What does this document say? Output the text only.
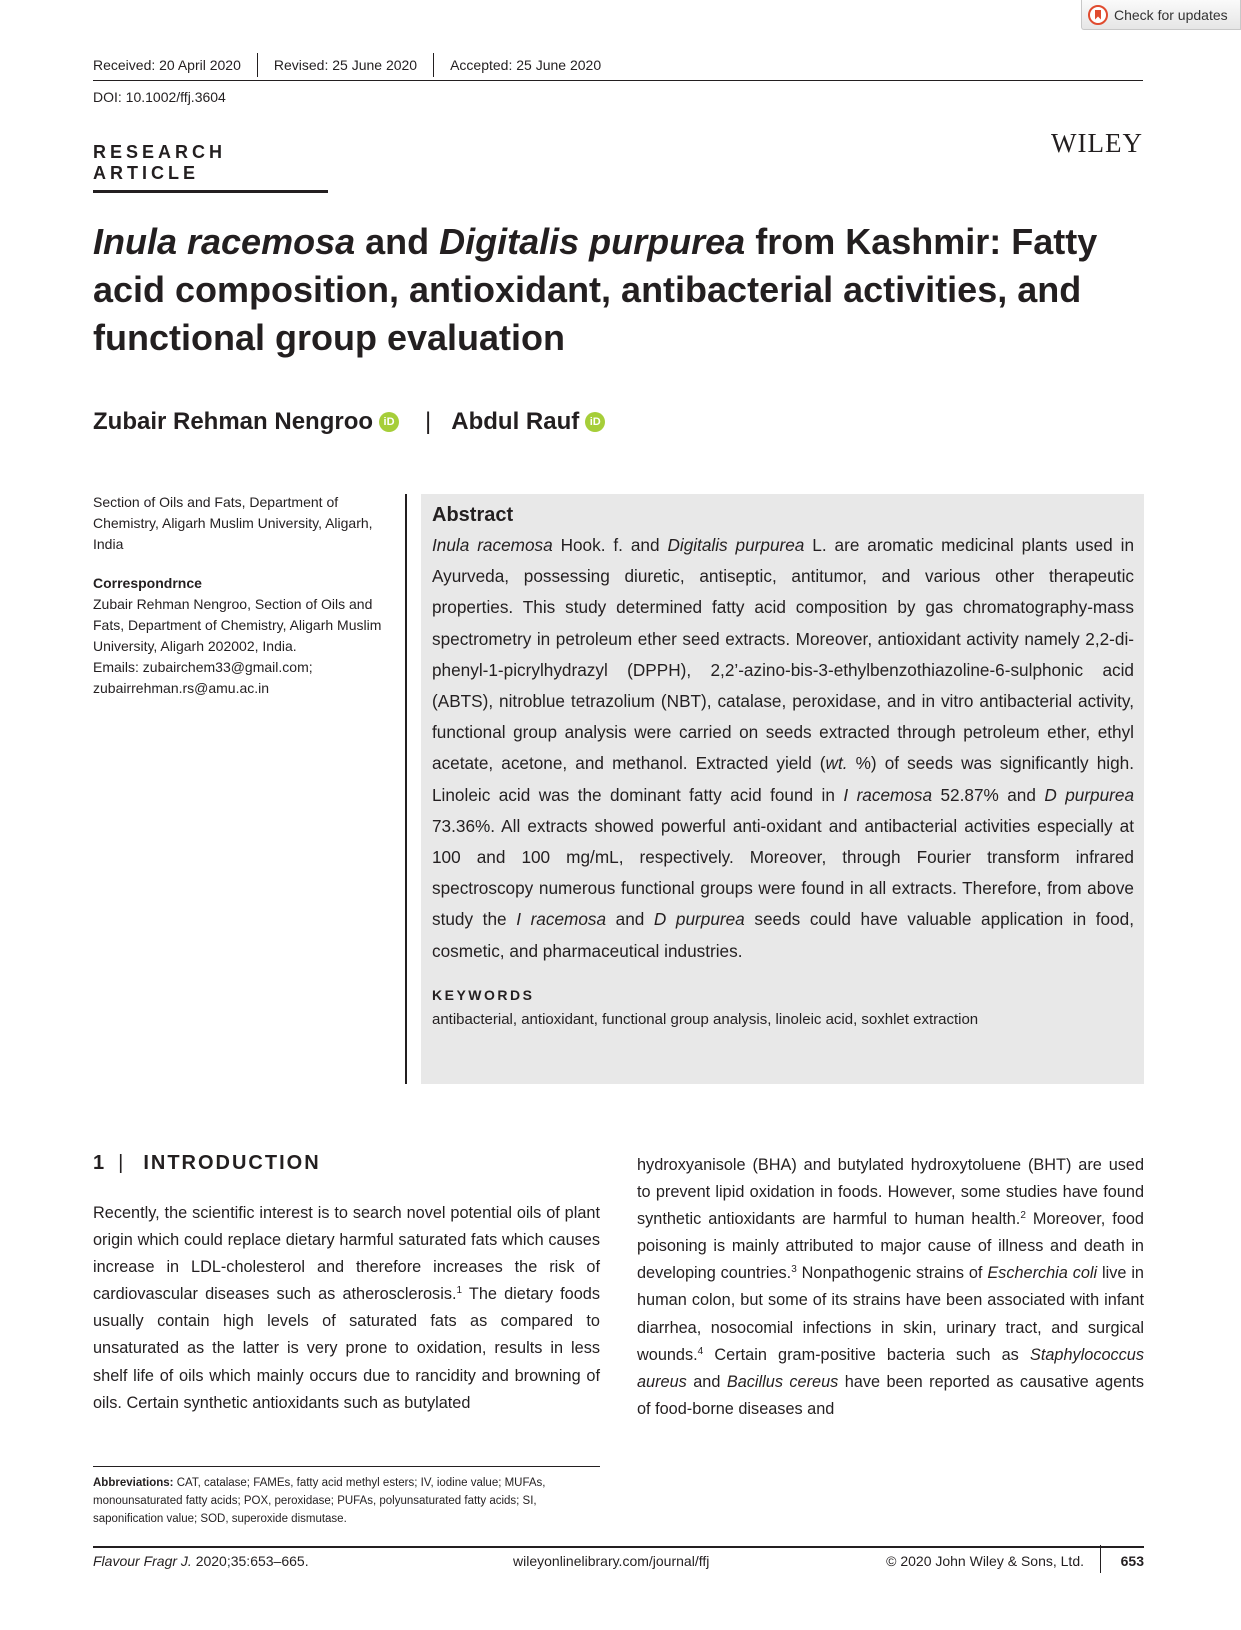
Check for updates
Received: 20 April 2020 Revised: 25 June 2020 Accepted: 25 June 2020
DOI: 10.1002/ffj.3604
RESEARCH ARTICLE
WILEY
Inula racemosa and Digitalis purpurea from Kashmir: Fatty acid composition, antioxidant, antibacterial activities, and functional group evaluation
Zubair Rehman Nengroo iD | Abdul Rauf iD
Section of Oils and Fats, Department of Chemistry, Aligarh Muslim University, Aligarh, India
Correspondrnce
Zubair Rehman Nengroo, Section of Oils and Fats, Department of Chemistry, Aligarh Muslim University, Aligarh 202002, India.
Emails: zubairchem33@gmail.com; zubairrehman.rs@amu.ac.in
Abstract
Inula racemosa Hook. f. and Digitalis purpurea L. are aromatic medicinal plants used in Ayurveda, possessing diuretic, antiseptic, antitumor, and various other therapeutic properties. This study determined fatty acid composition by gas chromatography-mass spectrometry in petroleum ether seed extracts. Moreover, antioxidant activity namely 2,2-di-phenyl-1-picrylhydrazyl (DPPH), 2,2’-azino-bis-3-ethylbenzothiazoline-6-sulphonic acid (ABTS), nitroblue tetrazolium (NBT), catalase, peroxidase, and in vitro antibacterial activity, functional group analysis were carried on seeds extracted through petroleum ether, ethyl acetate, acetone, and methanol. Extracted yield (wt. %) of seeds was significantly high. Linoleic acid was the dominant fatty acid found in I racemosa 52.87% and D purpurea 73.36%. All extracts showed powerful anti-oxidant and antibacterial activities especially at 100 and 100 mg/mL, respectively. Moreover, through Fourier transform infrared spectroscopy numerous functional groups were found in all extracts. Therefore, from above study the I racemosa and D purpurea seeds could have valuable application in food, cosmetic, and pharmaceutical industries.
KEYWORDS
antibacterial, antioxidant, functional group analysis, linoleic acid, soxhlet extraction
1 | INTRODUCTION
Recently, the scientific interest is to search novel potential oils of plant origin which could replace dietary harmful saturated fats which causes increase in LDL-cholesterol and therefore increases the risk of cardiovascular diseases such as atherosclerosis.$^1$ The dietary foods usually contain high levels of saturated fats as compared to unsaturated as the latter is very prone to oxidation, results in less shelf life of oils which mainly occurs due to rancidity and browning of oils. Certain synthetic antioxidants such as butylated
hydroxyanisole (BHA) and butylated hydroxytoluene (BHT) are used to prevent lipid oxidation in foods. However, some studies have found synthetic antioxidants are harmful to human health.$^2$ Moreover, food poisoning is mainly attributed to major cause of illness and death in developing countries.$^3$ Nonpathogenic strains of Escherchia coli live in human colon, but some of its strains have been associated with infant diarrhea, nosocomial infections in skin, urinary tract, and surgical wounds.$^4$ Certain gram-positive bacteria such as Staphylococcus aureus and Bacillus cereus have been reported as causative agents of food-borne diseases and
Abbreviations: CAT, catalase; FAMEs, fatty acid methyl esters; IV, iodine value; MUFAs, monounsaturated fatty acids; POX, peroxidase; PUFAs, polyunsaturated fatty acids; SI, saponification value; SOD, superoxide dismutase.
Flavour Fragr J. 2020;35:653–665.	wileyonlinelibrary.com/journal/ffj	© 2020 John Wiley & Sons, Ltd.	653
